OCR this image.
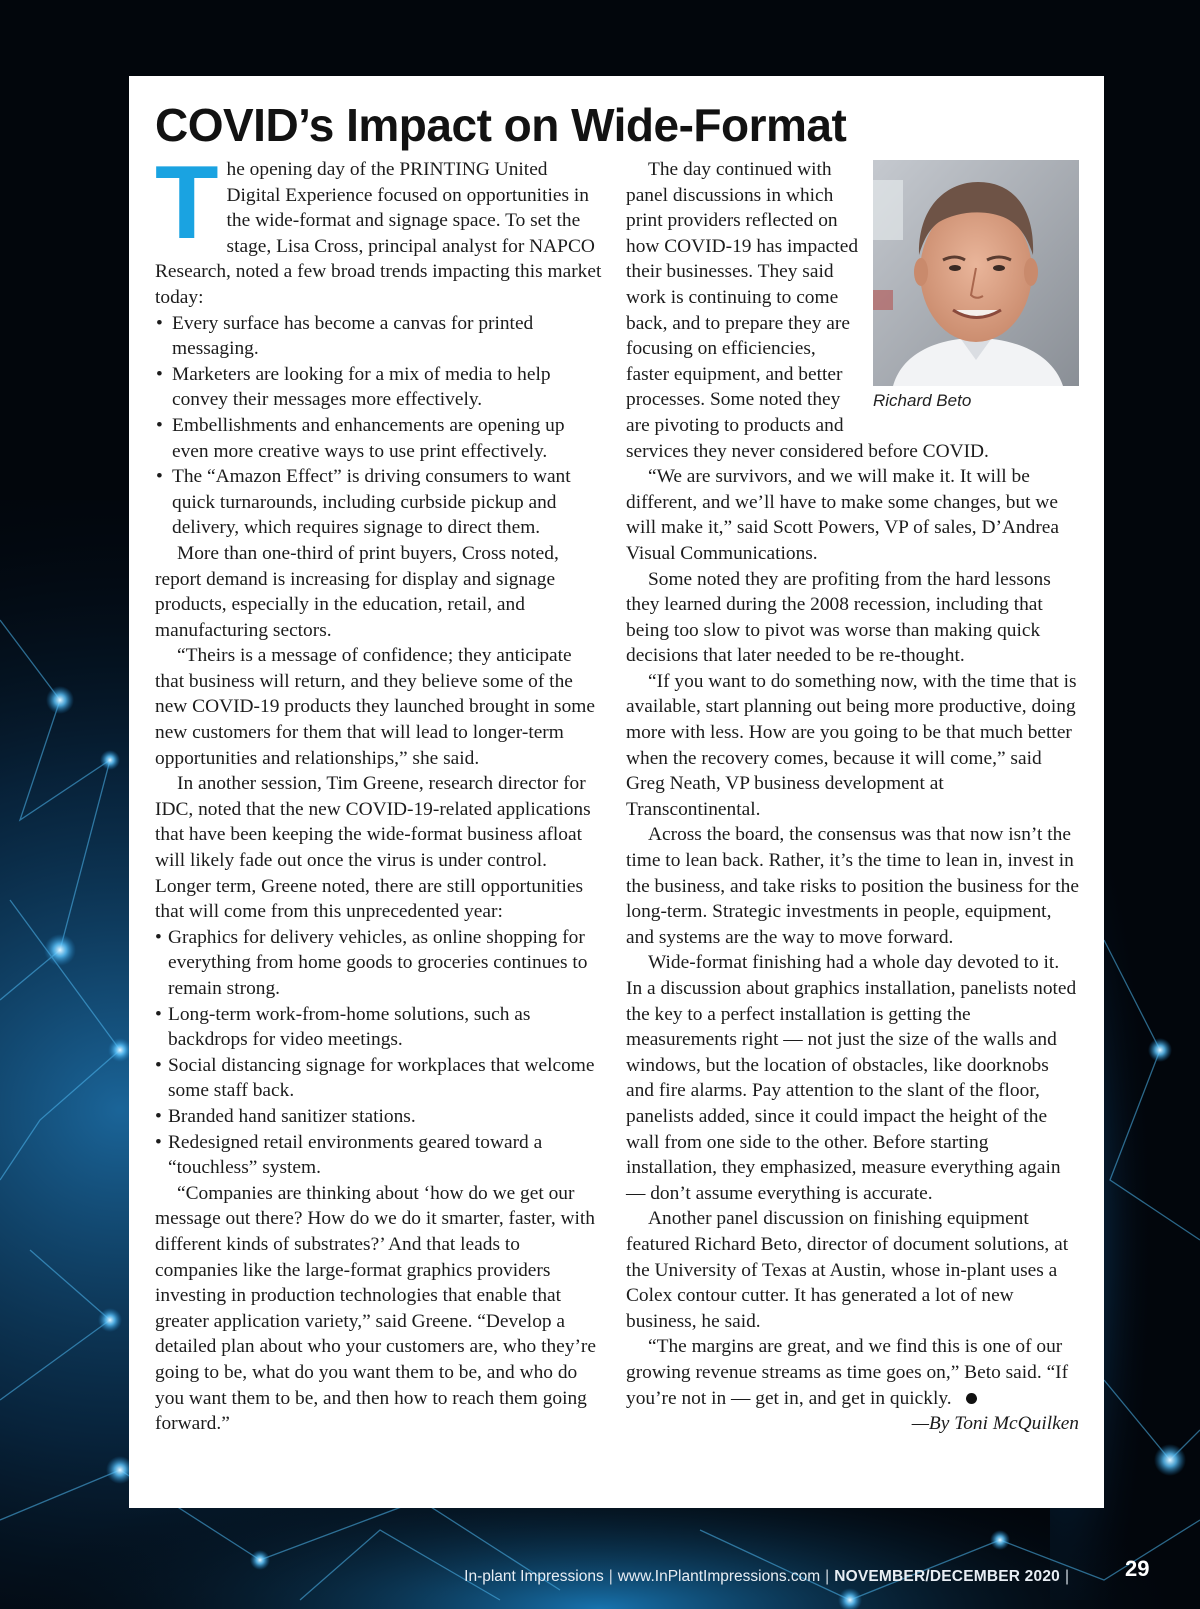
COVID’s Impact on Wide-Format

The opening day of the PRINTING United Digital Experience focused on opportunities in the wide-format and signage space. To set the stage, Lisa Cross, principal analyst for NAPCO Research, noted a few broad trends impacting this market today:

• Every surface has become a canvas for printed messaging.
• Marketers are looking for a mix of media to help convey their messages more effectively.
• Embellishments and enhancements are opening up even more creative ways to use print effectively.
• The “Amazon Effect” is driving consumers to want quick turnarounds, including curbside pickup and delivery, which requires signage to direct them.

More than one-third of print buyers, Cross noted, report demand is increasing for display and signage products, especially in the education, retail, and manufacturing sectors.

“Theirs is a message of confidence; they anticipate that business will return, and they believe some of the new COVID-19 products they launched brought in some new customers for them that will lead to longer-term opportunities and relationships,” she said.

In another session, Tim Greene, research director for IDC, noted that the new COVID-19-related applications that have been keeping the wide-format business afloat will likely fade out once the virus is under control. Longer term, Greene noted, there are still opportunities that will come from this unprecedented year:

• Graphics for delivery vehicles, as online shopping for everything from home goods to groceries continues to remain strong.
• Long-term work-from-home solutions, such as backdrops for video meetings.
• Social distancing signage for workplaces that welcome some staff back.
• Branded hand sanitizer stations.
• Redesigned retail environments geared toward a “touchless” system.

“Companies are thinking about ‘how do we get our message out there? How do we do it smarter, faster, with different kinds of substrates?’ And that leads to companies like the large-format graphics providers investing in production technologies that enable that greater application variety,” said Greene. “Develop a detailed plan about who your customers are, who they’re going to be, what do you want them to be, and who do you want them to be, and then how to reach them going forward.”

Richard Beto

The day continued with panel discussions in which print providers reflected on how COVID-19 has impacted their businesses. They said work is continuing to come back, and to prepare they are focusing on efficiencies, faster equipment, and better processes. Some noted they are pivoting to products and services they never considered before COVID.

“We are survivors, and we will make it. It will be different, and we’ll have to make some changes, but we will make it,” said Scott Powers, VP of sales, D’Andrea Visual Communications.

Some noted they are profiting from the hard lessons they learned during the 2008 recession, including that being too slow to pivot was worse than making quick decisions that later needed to be re-thought.

“If you want to do something now, with the time that is available, start planning out being more productive, doing more with less. How are you going to be that much better when the recovery comes, because it will come,” said Greg Neath, VP business development at Transcontinental.

Across the board, the consensus was that now isn’t the time to lean back. Rather, it’s the time to lean in, invest in the business, and take risks to position the business for the long-term. Strategic investments in people, equipment, and systems are the way to move forward.

Wide-format finishing had a whole day devoted to it. In a discussion about graphics installation, panelists noted the key to a perfect installation is getting the measurements right — not just the size of the walls and windows, but the location of obstacles, like doorknobs and fire alarms. Pay attention to the slant of the floor, panelists added, since it could impact the height of the wall from one side to the other. Before starting installation, they emphasized, measure everything again — don’t assume everything is accurate.

Another panel discussion on finishing equipment featured Richard Beto, director of document solutions, at the University of Texas at Austin, whose in-plant uses a Colex contour cutter. It has generated a lot of new business, he said.

“The margins are great, and we find this is one of our growing revenue streams as time goes on,” Beto said. “If you’re not in — get in, and get in quickly.

—By Toni McQuilken

In-plant Impressions | www.InPlantImpressions.com | NOVEMBER/DECEMBER 2020 |	29
